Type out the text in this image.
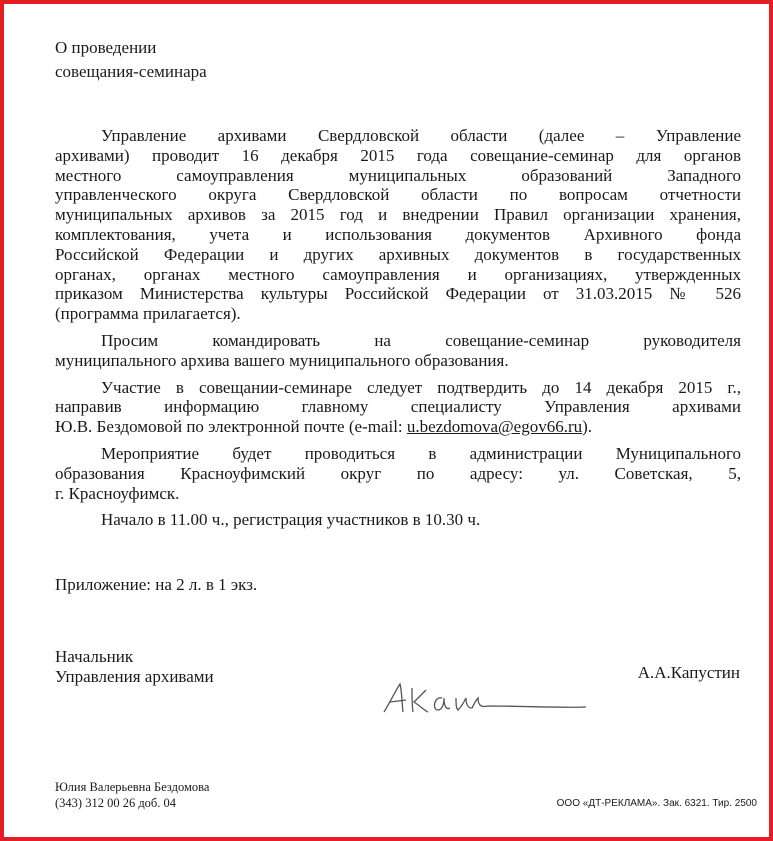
О проведении
совещания-семинара
Управление архивами Свердловской области (далее – Управление
архивами) проводит 16 декабря 2015 года совещание-семинар для органов
местного самоуправления муниципальных образований Западного
управленческого округа Свердловской области по вопросам отчетности
муниципальных архивов за 2015 год и внедрении Правил организации хранения,
комплектования, учета и использования документов Архивного фонда
Российской Федерации и других архивных документов в государственных
органах, органах местного самоуправления и организациях, утвержденных
приказом Министерства культуры Российской Федерации от 31.03.2015 № 526
(программа прилагается).
Просим командировать на совещание-семинар руководителя
муниципального архива вашего муниципального образования.
Участие в совещании-семинаре следует подтвердить до 14 декабря 2015 г.,
направив информацию главному специалисту Управления архивами
Ю.В. Бездомовой по электронной почте (e-mail: u.bezdomova@egov66.ru).
Мероприятие будет проводиться в администрации Муниципального
образования Красноуфимский округ по адресу: ул. Советская, 5,
г. Красноуфимск.
Начало в 11.00 ч., регистрация участников в 10.30 ч.
Приложение: на 2 л. в 1 экз.
Начальник
Управления архивами	А.А.Капустин
Юлия Валерьевна Бездомова
(343) 312 00 26 доб. 04	ООО «ДТ-РЕКЛАМА». Зак. 6321. Тир. 2500
